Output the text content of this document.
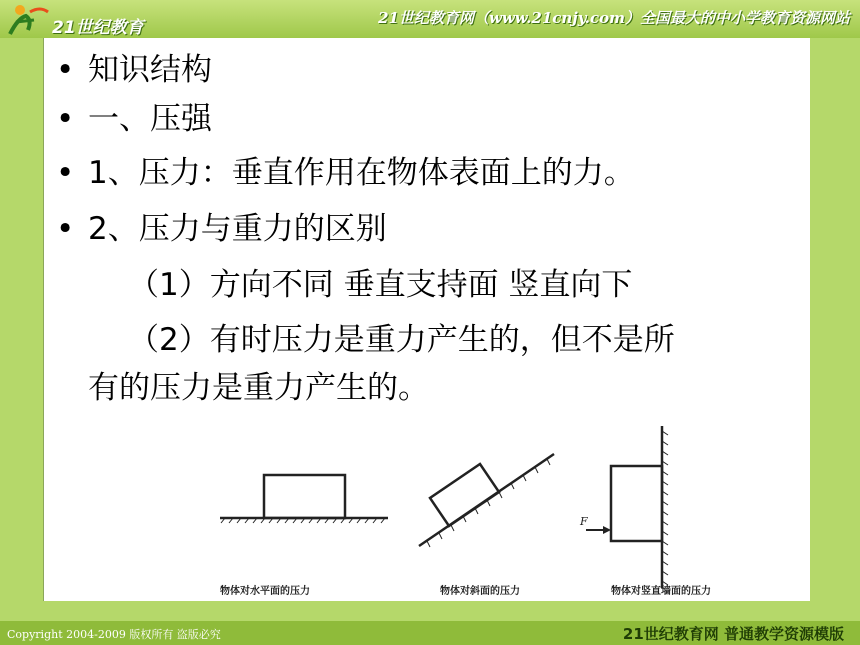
21世纪教育	21世纪教育网（www.21cnjy.com）全国最大的中小学教育资源网站
• 知识结构
• 一、压强
• 1、压力：垂直作用在物体表面上的力。
• 2、压力与重力的区别
（1）方向不同 垂直支持面 竖直向下
（2）有时压力是重力产生的，但不是所
有的压力是重力产生的。
F
物体对水平面的压力	物体对斜面的压力	物体对竖直墙面的压力
Copyright 2004-2009 版权所有 盗版必究	21世纪教育网 普通教学资源模版
